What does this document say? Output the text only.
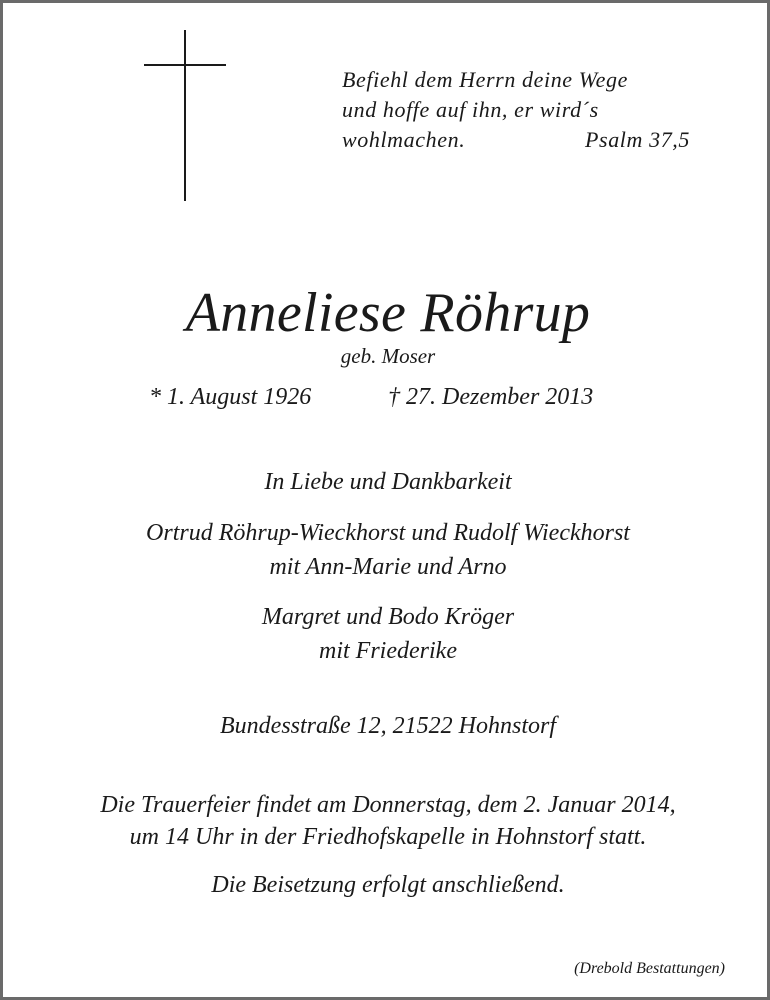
Befiehl dem Herrn deine Wege
und hoffe auf ihn, er wird´s
wohlmachen.	Psalm 37,5
Anneliese Röhrup
geb. Moser
* 1. August 1926	† 27. Dezember 2013
In Liebe und Dankbarkeit
Ortrud Röhrup-Wieckhorst und Rudolf Wieckhorst
mit Ann-Marie und Arno
Margret und Bodo Kröger
mit Friederike
Bundesstraße 12, 21522 Hohnstorf
Die Trauerfeier findet am Donnerstag, dem 2. Januar 2014,
um 14 Uhr in der Friedhofskapelle in Hohnstorf statt.
Die Beisetzung erfolgt anschließend.
(Drebold Bestattungen)
